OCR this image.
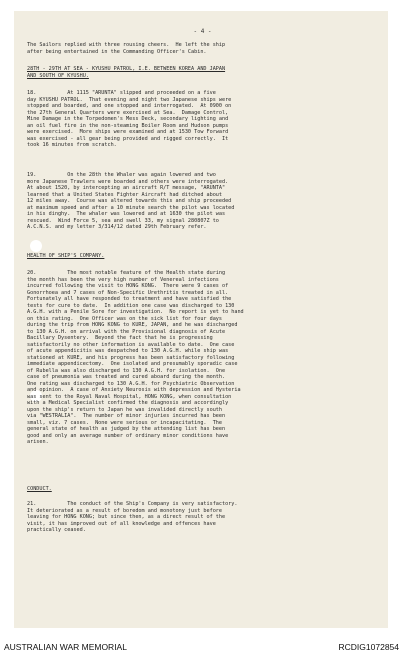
- 4 -
The Sailors replied with three rousing cheers.  He left the ship
after being entertained in the Commanding Officer's Cabin.
28TH - 29TH AT SEA - KYUSHU PATROL, I.E. BETWEEN KOREA AND JAPAN
AND SOUTH OF KYUSHU.
18.          At 1115 "ARUNTA" slipped and proceeded on a five
day KYUSHU PATROL.  That evening and night two Japanese ships were
stopped and boarded, and one stopped and interrogated.  At 0900 on
the 27th General Quarters were exercised at Sea.  Damage Control,
Mine Damage in the Torpedomen's Mess Deck, secondary lighting and
an oil fuel fire in the non-steaming Boiler Room and Hudson pumps
were exercised.  More ships were examined and at 1530 Tow Forward
was exercised - all gear being provided and rigged correctly.  It
took 16 minutes from scratch.
19.          On the 28th the Whaler was again lowered and two
more Japanese Trawlers were boarded and others were interrogated.
At about 1520, by intercepting an aircraft R/T message, "ARUNTA"
learned that a United States Fighter Aircraft had ditched about
12 miles away.  Course was altered towards this and ship proceeded
at maximum speed and after a 10 minute search the pilot was located
in his dinghy.  The whaler was lowered and at 1630 the pilot was
rescued.  Wind Force 5, sea and swell 33, my signal 280807Z to
A.C.N.S. and my letter 3/314/12 dated 29th February refer.
HEALTH OF SHIP'S COMPANY.
20.          The most notable feature of the Health state during
the month has been the very high number of Venereal infections
incurred following the visit to HONG KONG.  There were 9 cases of
Gonorrhoea and 7 cases of Non-Specific Urethritis treated in all.
Fortunately all have responded to treatment and have satisfied the
tests for cure to date.  In addition one case was discharged to 130
A.G.H. with a Penile Sore for investigation.  No report is yet to hand
on this rating.  One Officer was on the sick list for four days
during the trip from HONG KONG to KURE, JAPAN, and he was discharged
to 130 A.G.H. on arrival with the Provisional diagnosis of Acute
Bacillary Dysentery.  Beyond the fact that he is progressing
satisfactorily no other information is available to date.  One case
of acute appendicitis was despatched to 130 A.G.H. while ship was
stationed at KURE, and his progress has been satisfactory following
immediate appendicectomy.  One isolated and presumably sporadic case
of Rubella was also discharged to 130 A.G.H. for isolation.  One
case of pneumonia was treated and cured aboard during the month.
One rating was discharged to 130 A.G.H. for Psychiatric Observation
and opinion.  A case of Anxiety Neurosis with depression and Hysteria
was sent to the Royal Naval Hospital, HONG KONG, when consultation
with a Medical Specialist confirmed the diagnosis and accordingly
upon the ship's return to Japan he was invalided directly south
via "WESTRALIA".  The number of minor injuries incurred has been
small, viz. 7 cases.  None were serious or incapacitating.  The
general state of health as judged by the attending list has been
good and only an average number of ordinary minor conditions have
arisen.
CONDUCT.
21.          The conduct of the Ship's Company is very satisfactory.
It deteriorated as a result of boredom and monotony just before
leaving for HONG KONG; but since then, as a direct result of the
visit, it has improved out of all knowledge and offences have
practically ceased.
AUSTRALIAN WAR MEMORIAL	RCDIG1072854
